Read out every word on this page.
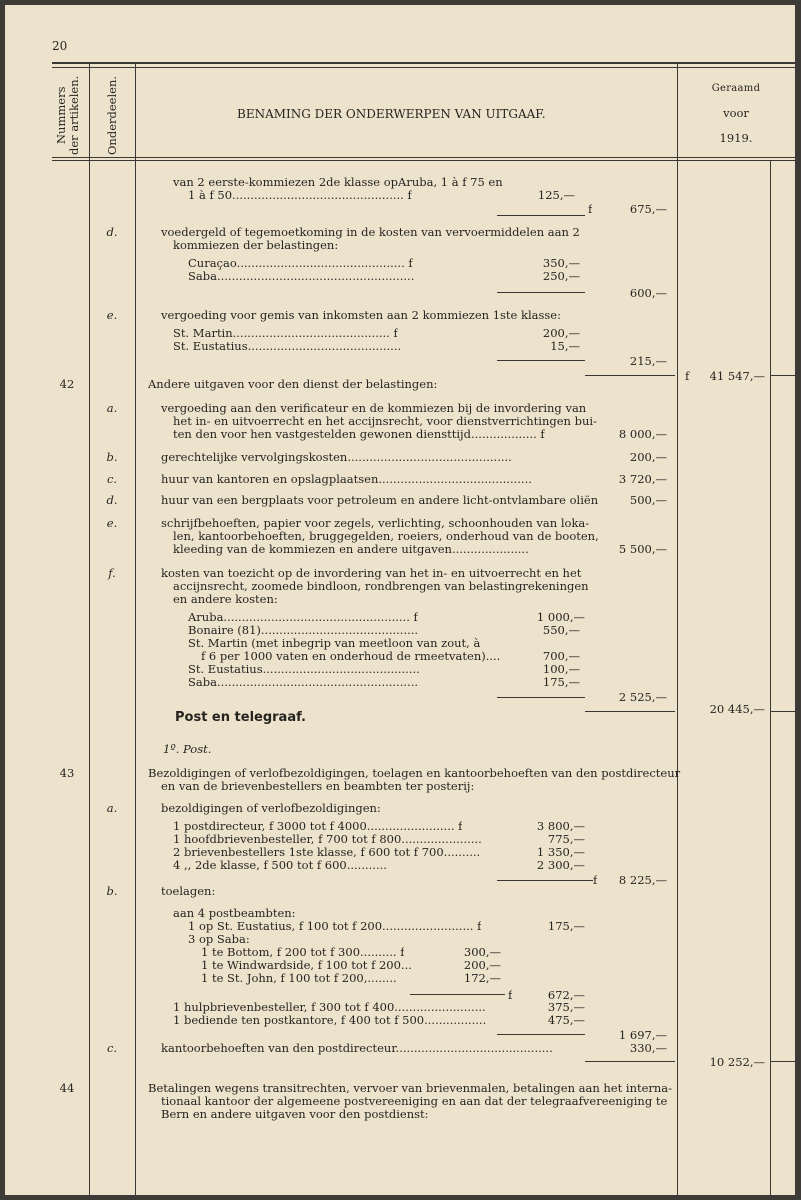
20
Nummers der artikelen. Onderdeelen.	BENAMING DER ONDERWERPEN VAN UITGAAF.
Geraamd
voor
1919.
van 2 eerste-kommiezen 2de klasse opAruba, 1 à f 75 en
1 à f 50............................................... f	125,—
f	675,—
d.	voedergeld of tegemoetkoming in de kosten van vervoermiddelen aan 2
kommiezen der belastingen:
Curaçao.............................................. f	350,—
Saba......................................................	250,—
600,—
e.	vergoeding voor gemis van inkomsten aan 2 kommiezen 1ste klasse:
St. Martin........................................... f	200,—
St. Eustatius..........................................	15,—
215,—
f	41 547,—
42	Andere uitgaven voor den dienst der belastingen:
a.	vergoeding aan den verificateur en de kommiezen bij de invordering van
het in- en uitvoerrecht en het accijnsrecht, voor dienstverrichtingen bui-
ten den voor hen vastgestelden gewonen diensttijd.................. f	8 000,—
b.	gerechtelijke vervolgingskosten.............................................	200,—
c.	huur van kantoren en opslagplaatsen..........................................	3 720,—
d.	huur van een bergplaats voor petroleum en andere licht-ontvlambare oliën	500,—
e.	schrijfbehoeften, papier voor zegels, verlichting, schoonhouden van loka-
len, kantoorbehoeften, bruggegelden, roeiers, onderhoud van de booten,
kleeding van de kommiezen en andere uitgaven.....................	5 500,—
f.	kosten van toezicht op de invordering van het in- en uitvoerrecht en het
accijnsrecht, zoomede bindloon, rondbrengen van belastingrekeningen
en andere kosten:
Aruba................................................... f	1 000,—
Bonaire (81)...........................................	550,—
St. Martin (met inbegrip van meetloon van zout, à
f 6 per 1000 vaten en onderhoud de rmeetvaten)....	700,—
St. Eustatius...........................................	100,—
Saba.......................................................	175,—
2 525,—
20 445,—
Post en telegraaf.
1º. Post.
43	Bezoldigingen of verlofbezoldigingen, toelagen en kantoorbehoeften van den postdirecteur
en van de brievenbestellers en beambten ter posterij:
a.	bezoldigingen of verlofbezoldigingen:
1 postdirecteur, f 3000 tot f 4000........................ f	3 800,—
1 hoofdbrievenbesteller, f 700 tot f 800......................	775,—
2 brievenbestellers 1ste klasse, f 600 tot f 700..........	1 350,—
4 ,, 2de klasse, f 500 tot f 600...........	2 300,—
f	8 225,—
b.	toelagen:
aan 4 postbeambten:
1 op St. Eustatius, f 100 tot f 200......................... f	175,—
3 op Saba:
1 te Bottom, f 200 tot f 300.......... f	300,—
1 te Windwardside, f 100 tot f 200...	200,—
1 te St. John, f 100 tot f 200,........	172,—
f	672,—
1 hulpbrievenbesteller, f 300 tot f 400.........................	375,—
1 bediende ten postkantore, f 400 tot f 500.................	475,—
1 697,—
c.	kantoorbehoeften van den postdirecteur...........................................	330,—
10 252,—
44	Betalingen wegens transitrechten, vervoer van brievenmalen, betalingen aan het interna-
tionaal kantoor der algemeene postvereeniging en aan dat der telegraafvereeniging te
Bern en andere uitgaven voor den postdienst:
